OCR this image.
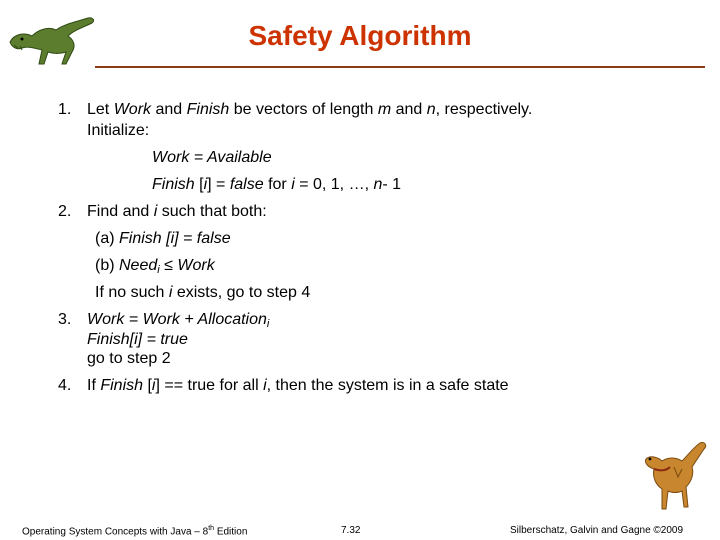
Safety Algorithm
1. Let Work and Finish be vectors of length m and n, respectively.
Initialize:
Work = Available
Finish [i] = false for i = 0, 1, …, n- 1
2. Find and i such that both:
(a) Finish [i] = false
(b) Need$_i$ ≤ Work
If no such i exists, go to step 4
3. Work = Work + Allocation$_i$
Finish[i] = true
go to step 2
4. If Finish [i] == true for all i, then the system is in a safe state
Operating System Concepts with Java – 8th Edition	7.32	Silberschatz, Galvin and Gagne ©2009
